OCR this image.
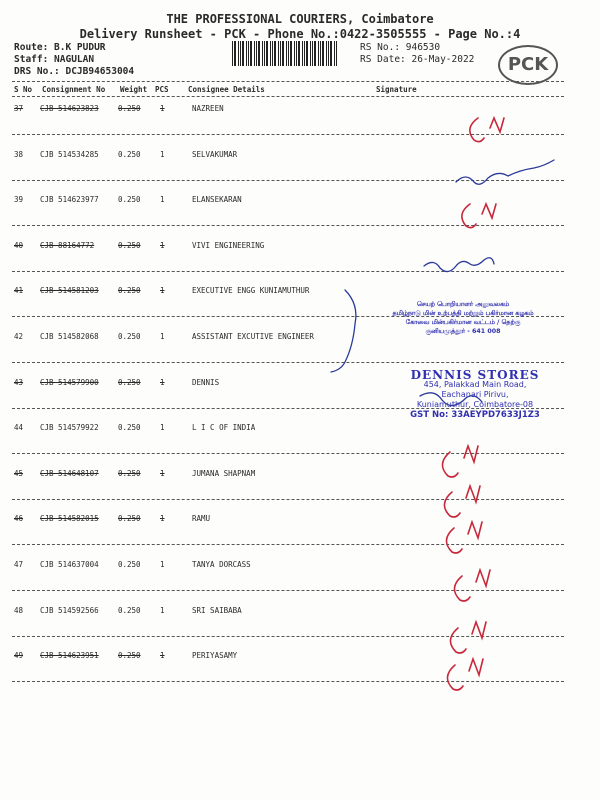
THE PROFESSIONAL COURIERS, Coimbatore
Delivery Runsheet - PCK - Phone No.:0422-3505555 - Page No.:4
Route: B.K PUDUR
Staff: NAGULAN
DRS No.: DCJB94653004
RS No.: 946530
RS Date: 26-May-2022	PCK
S No Consignment No Weight PCS	Consignee Details	Signature
37 CJB 514623823	0.250	1	NAZREEN
38 CJB 514534285	0.250	1	SELVAKUMAR
39 CJB 514623977	0.250	1	ELANSEKARAN
40 CJB 88164772	0.250	1	VIVI ENGINEERING
41 CJB 514581203	0.250	1	EXECUTIVE ENGG KUNIAMUTHUR
42 CJB 514582068	0.250	1	ASSISTANT EXCUTIVE ENGINEER
43 CJB 514579900	0.250	1	DENNIS
44 CJB 514579922	0.250	1	L I C OF INDIA
45 CJB 514648107	0.250	1	JUMANA SHAPNAM
46 CJB 514582015	0.250	1	RAMU
47 CJB 514637004	0.250	1	TANYA DORCASS
48 CJB 514592566	0.250	1	SRI SAIBABA
49 CJB 514623951	0.250	1	PERIYASAMY
செயற் பொறியாளர் அலுவலகம்
தமிழ்நாடு மின் உற்பத்தி மற்றும் பகிர்மான கழகம்
கோவை மின்பகிர்மான வட்டம் / தெற்கு
குனியமுத்தூர் - 641 008
DENNIS STORES
454, Palakkad Main Road,
Eachanari Pirivu,
Kuniamuthur, Coimbatore-08
GST No: 33AEYPD7633J1Z3
